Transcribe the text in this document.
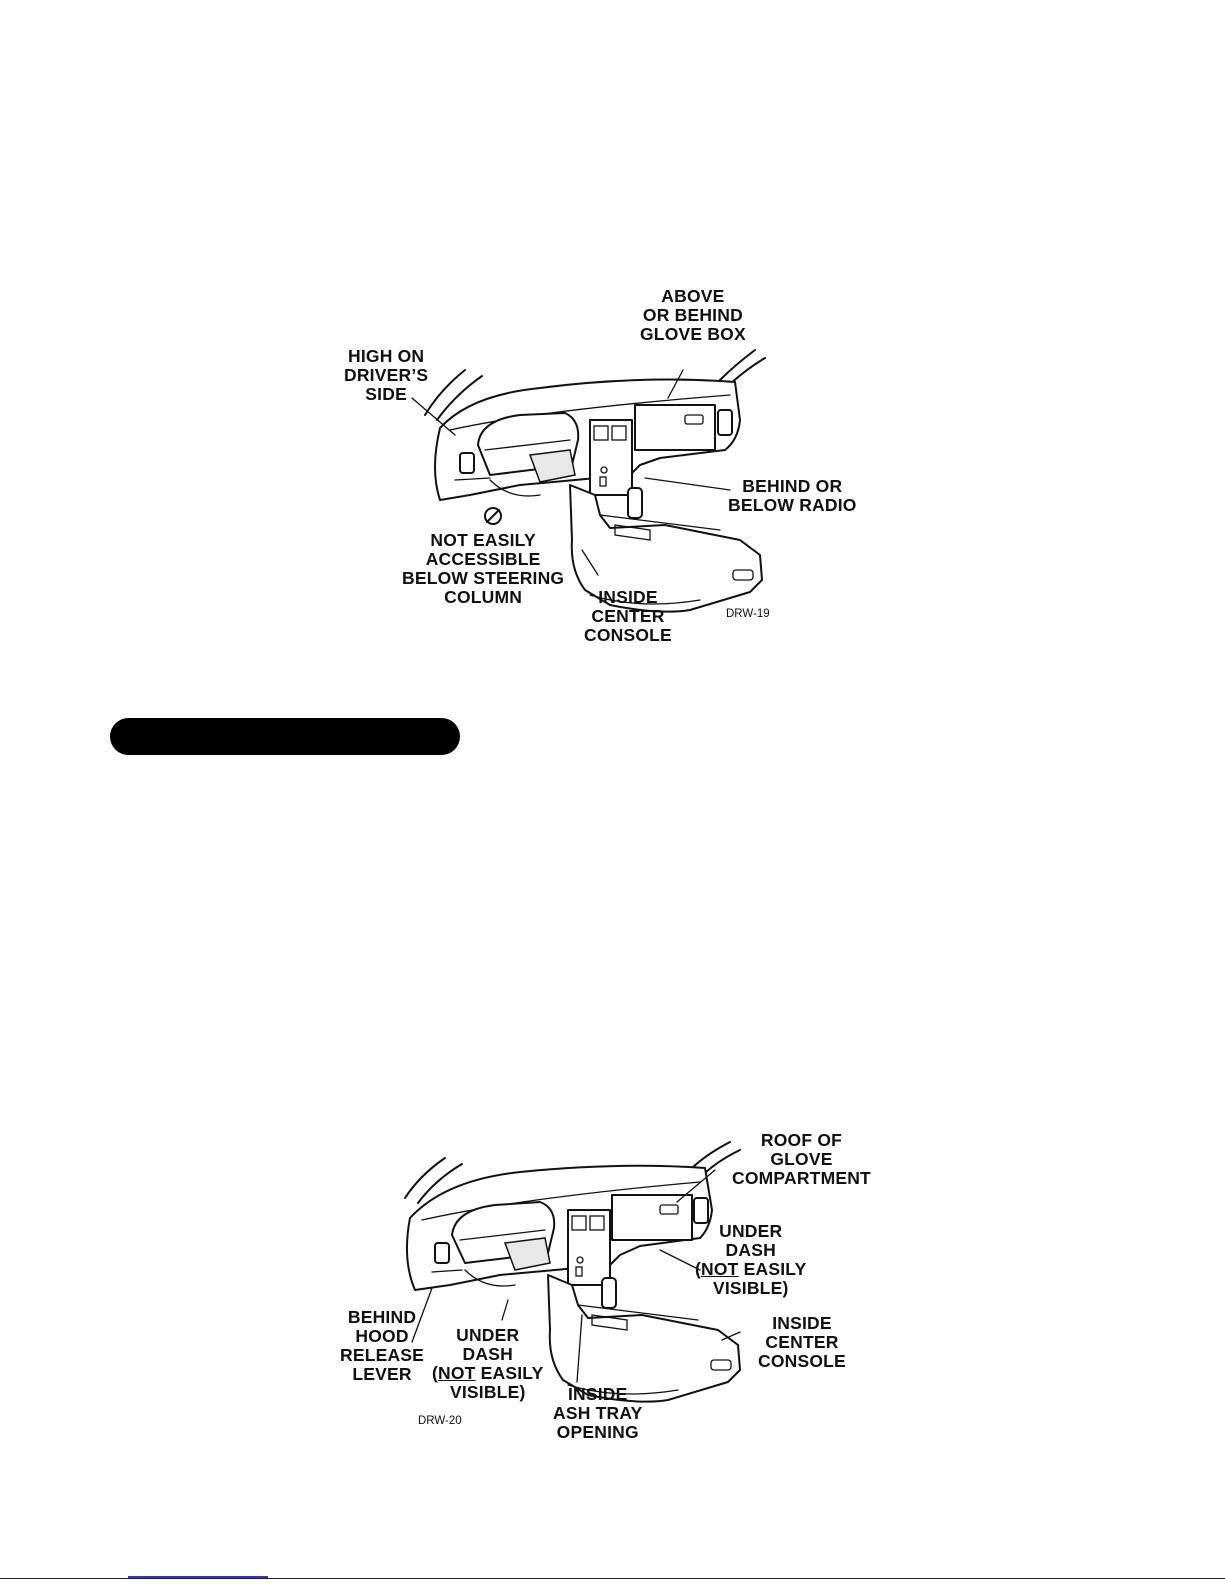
HIGH ON
DRIVER’S
SIDE
ABOVE
OR BEHIND
GLOVE BOX
BEHIND OR
BELOW RADIO
NOT EASILY
ACCESSIBLE
BELOW STEERING
COLUMN	INSIDE
CENTER
CONSOLE
DRW-19
ROOF OF
GLOVE
COMPARTMENT
UNDER
DASH
(NOT EASILY
VISIBLE)
INSIDE
CENTER
CONSOLE
BEHIND
HOOD
RELEASE
LEVER
UNDER
DASH
(NOT EASILY
VISIBLE)	INSIDE
ASH TRAY
OPENING
DRW-20
